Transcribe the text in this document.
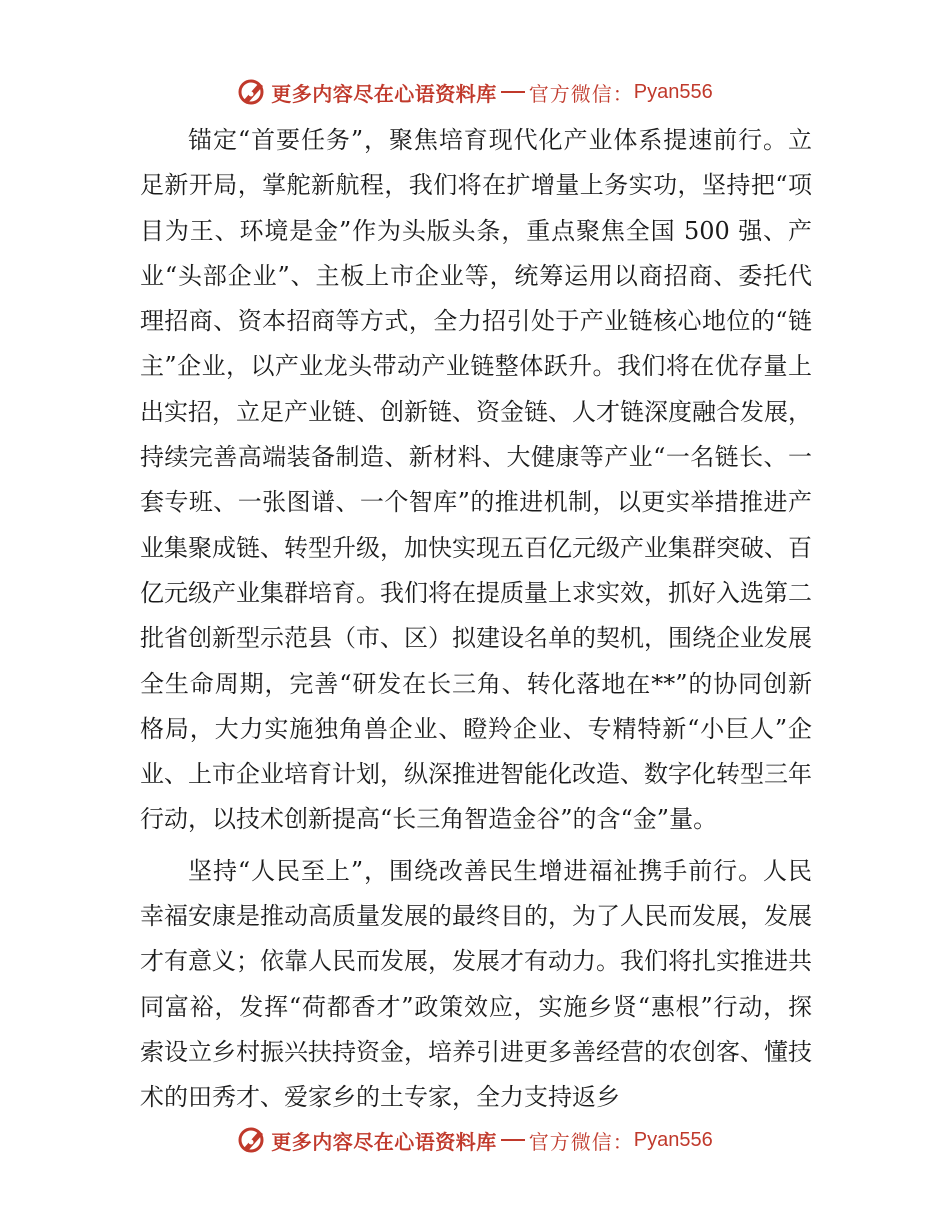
更多内容尽在心语资料库 官方微信： Pyan556

锚定“首要任务”，聚焦培育现代化产业体系提速前行。立足新开局，掌舵新航程，我们将在扩增量上务实功，坚持把“项目为王、环境是金”作为头版头条，重点聚焦全国 500 强、产业“头部企业”、主板上市企业等，统筹运用以商招商、委托代理招商、资本招商等方式，全力招引处于产业链核心地位的“链主”企业，以产业龙头带动产业链整体跃升。我们将在优存量上出实招，立足产业链、创新链、资金链、人才链深度融合发展，持续完善高端装备制造、新材料、大健康等产业“一名链长、一套专班、一张图谱、一个智库”的推进机制，以更实举措推进产业集聚成链、转型升级，加快实现五百亿元级产业集群突破、百亿元级产业集群培育。我们将在提质量上求实效，抓好入选第二批省创新型示范县（市、区）拟建设名单的契机，围绕企业发展全生命周期，完善“研发在长三角、转化落地在**”的协同创新格局，大力实施独角兽企业、瞪羚企业、专精特新“小巨人”企业、上市企业培育计划，纵深推进智能化改造、数字化转型三年行动，以技术创新提高“长三角智造金谷”的含“金”量。

坚持“人民至上”，围绕改善民生增进福祉携手前行。人民幸福安康是推动高质量发展的最终目的，为了人民而发展，发展才有意义；依靠人民而发展，发展才有动力。我们将扎实推进共同富裕，发挥“荷都香才”政策效应，实施乡贤“惠根”行动，探索设立乡村振兴扶持资金，培养引进更多善经营的农创客、懂技术的田秀才、爱家乡的土专家，全力支持返乡

更多内容尽在心语资料库 官方微信： Pyan556
